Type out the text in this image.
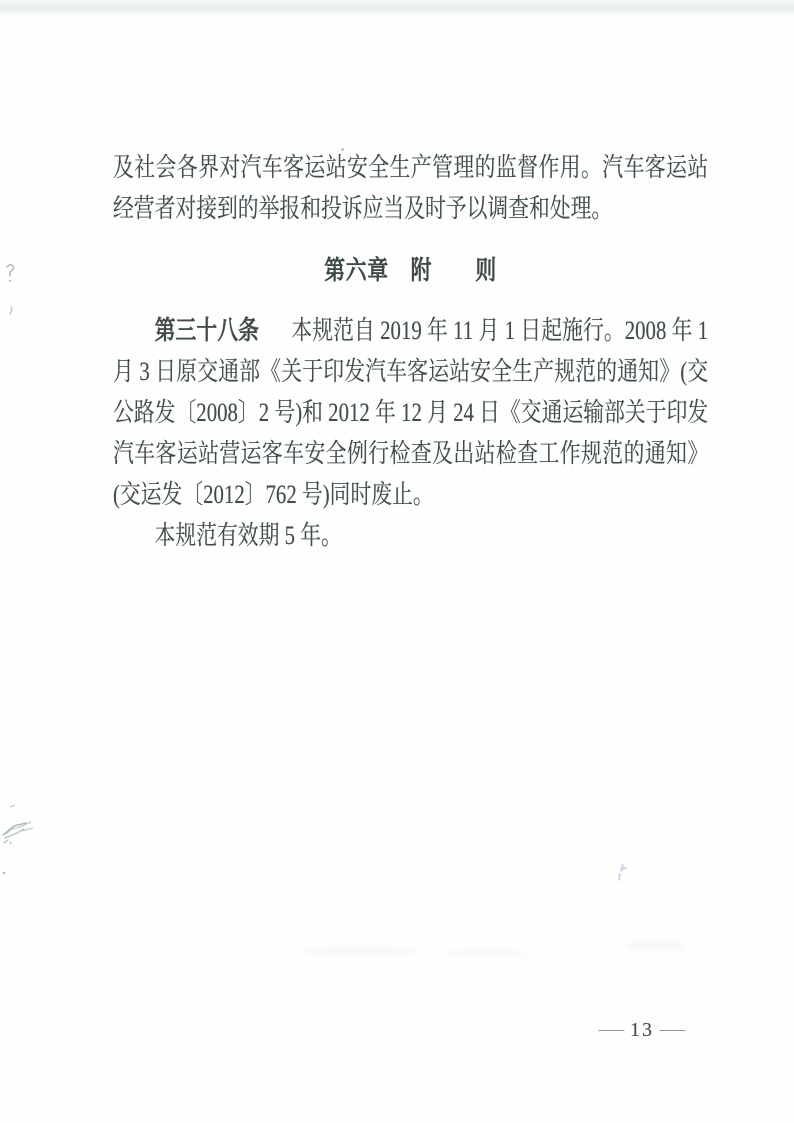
及社会各界对汽车客运站安全生产管理的监督作用。汽车客运站
经营者对接到的举报和投诉应当及时予以调查和处理。
第六章　附　　则
第三十八条 本规范自 2019 年 11 月 1 日起施行。2008 年 1
月 3 日原交通部《关于印发汽车客运站安全生产规范的通知》(交
公路发〔2008〕2 号)和 2012 年 12 月 24 日《交通运输部关于印发
汽车客运站营运客车安全例行检查及出站检查工作规范的通知》
(交运发〔2012〕762 号)同时废止。
本规范有效期 5 年。
— 13 —
